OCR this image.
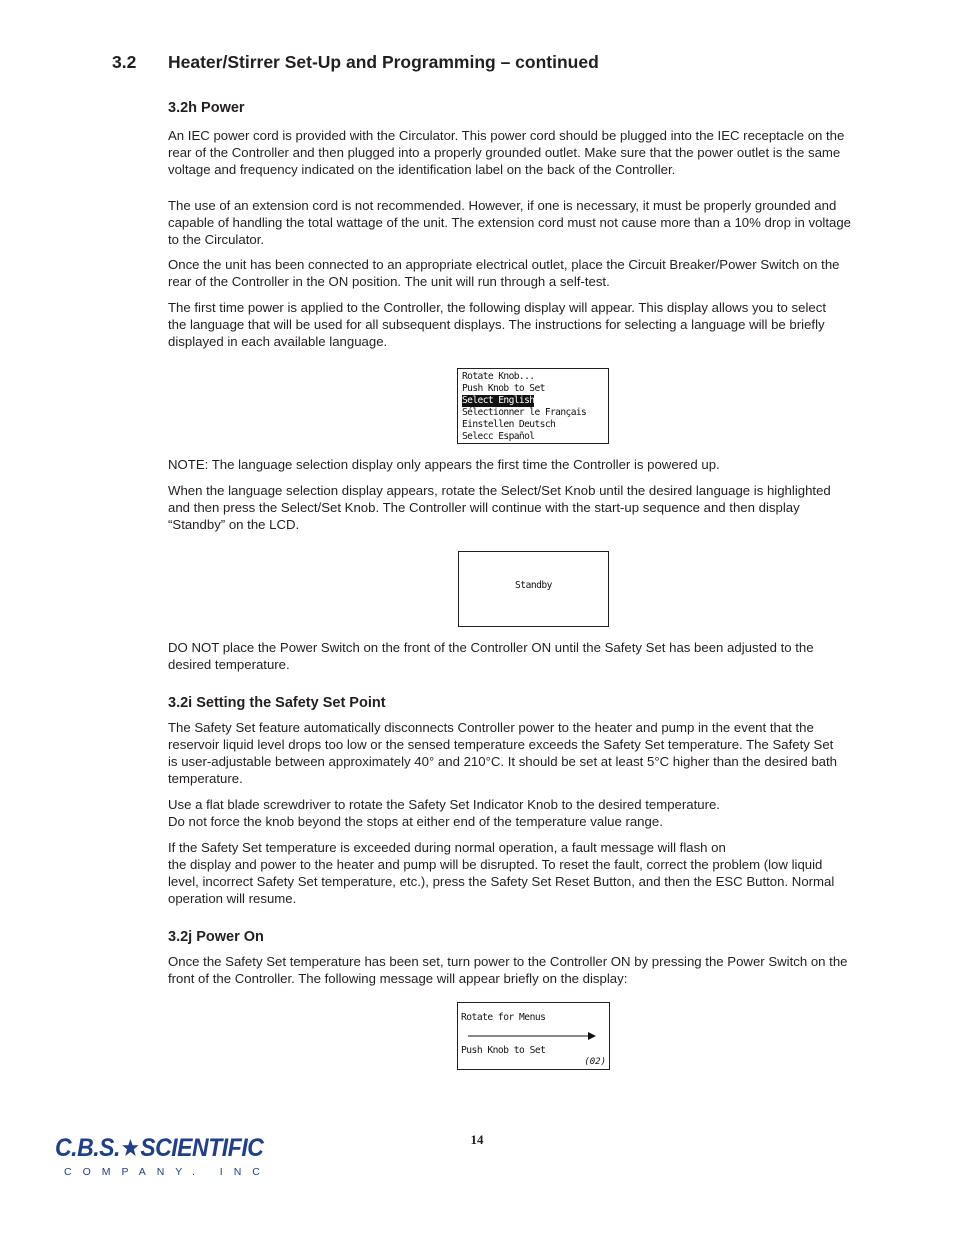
3.2 Heater/Stirrer Set-Up and Programming – continued
3.2h Power
An IEC power cord is provided with the Circulator. This power cord should be plugged into the IEC receptacle on the
rear of the Controller and then plugged into a properly grounded outlet. Make sure that the power outlet is the same
voltage and frequency indicated on the identification label on the back of the Controller.
The use of an extension cord is not recommended. However, if one is necessary, it must be properly grounded and
capable of handling the total wattage of the unit. The extension cord must not cause more than a 10% drop in voltage
to the Circulator.
Once the unit has been connected to an appropriate electrical outlet, place the Circuit Breaker/Power Switch on the
rear of the Controller in the ON position. The unit will run through a self-test.
The first time power is applied to the Controller, the following display will appear. This display allows you to select
the language that will be used for all subsequent displays. The instructions for selecting a language will be briefly
displayed in each available language.
Rotate Knob...
Push Knob to Set
Select English
Sélectionner le Français
Einstellen Deutsch
Selecc Español
NOTE: The language selection display only appears the first time the Controller is powered up.
When the language selection display appears, rotate the Select/Set Knob until the desired language is highlighted
and then press the Select/Set Knob. The Controller will continue with the start-up sequence and then display
“Standby” on the LCD.
Standby
DO NOT place the Power Switch on the front of the Controller ON until the Safety Set has been adjusted to the
desired temperature.
3.2i Setting the Safety Set Point
The Safety Set feature automatically disconnects Controller power to the heater and pump in the event that the
reservoir liquid level drops too low or the sensed temperature exceeds the Safety Set temperature. The Safety Set
is user-adjustable between approximately 40° and 210°C. It should be set at least 5°C higher than the desired bath
temperature.
Use a flat blade screwdriver to rotate the Safety Set Indicator Knob to the desired temperature.
Do not force the knob beyond the stops at either end of the temperature value range.
If the Safety Set temperature is exceeded during normal operation, a fault message will flash on
the display and power to the heater and pump will be disrupted. To reset the fault, correct the problem (low liquid
level, incorrect Safety Set temperature, etc.), press the Safety Set Reset Button, and then the ESC Button. Normal
operation will resume.
3.2j Power On
Once the Safety Set temperature has been set, turn power to the Controller ON by pressing the Power Switch on the
front of the Controller. The following message will appear briefly on the display:
Rotate for Menus
Push Knob to Set
(02)
14
C.B.S. SCIENTIFIC
COMPANY. INC
